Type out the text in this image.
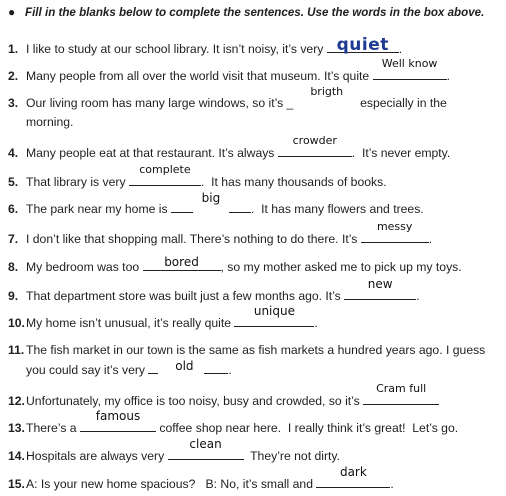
● Fill in the blanks below to complete the sentences. Use the words in the box above.
1. I like to study at our school library. It isn’t noisy, it’s very quiet .
2. Many people from all over the world visit that museum. It’s quite
Well know
.
3. Our living room has many large windows, so it’s _
brigth
especially in the
morning.
4. Many people eat at that restaurant. It’s always
crowder
.  It’s never empty.
5. That library is very
complete
.  It has many thousands of books.
6. The park near my home is
big
.  It has many flowers and trees.
7. I don’t like that shopping mall. There’s nothing to do there. It’s
messy
.
8. My bedroom was too	bored	, so my mother asked me to pick up my toys.
9. That department store was built just a few months ago. It’s
new
.
10.My home isn’t unusual, it’s really quite
unique
.
11. The fish market in our town is the same as fish markets a hundred years ago. I guess
you could say it’s very	old	.
12.Unfortunately, my office is too noisy, busy and crowded, so it’s
Cram full
13.There’s a
famous
coffee shop near here.  I really think it’s great!  Let’s go.
14.Hospitals are always very
clean
They’re not dirty.
15.A: Is your new home spacious?   B: No, it’s small and
dark
.
